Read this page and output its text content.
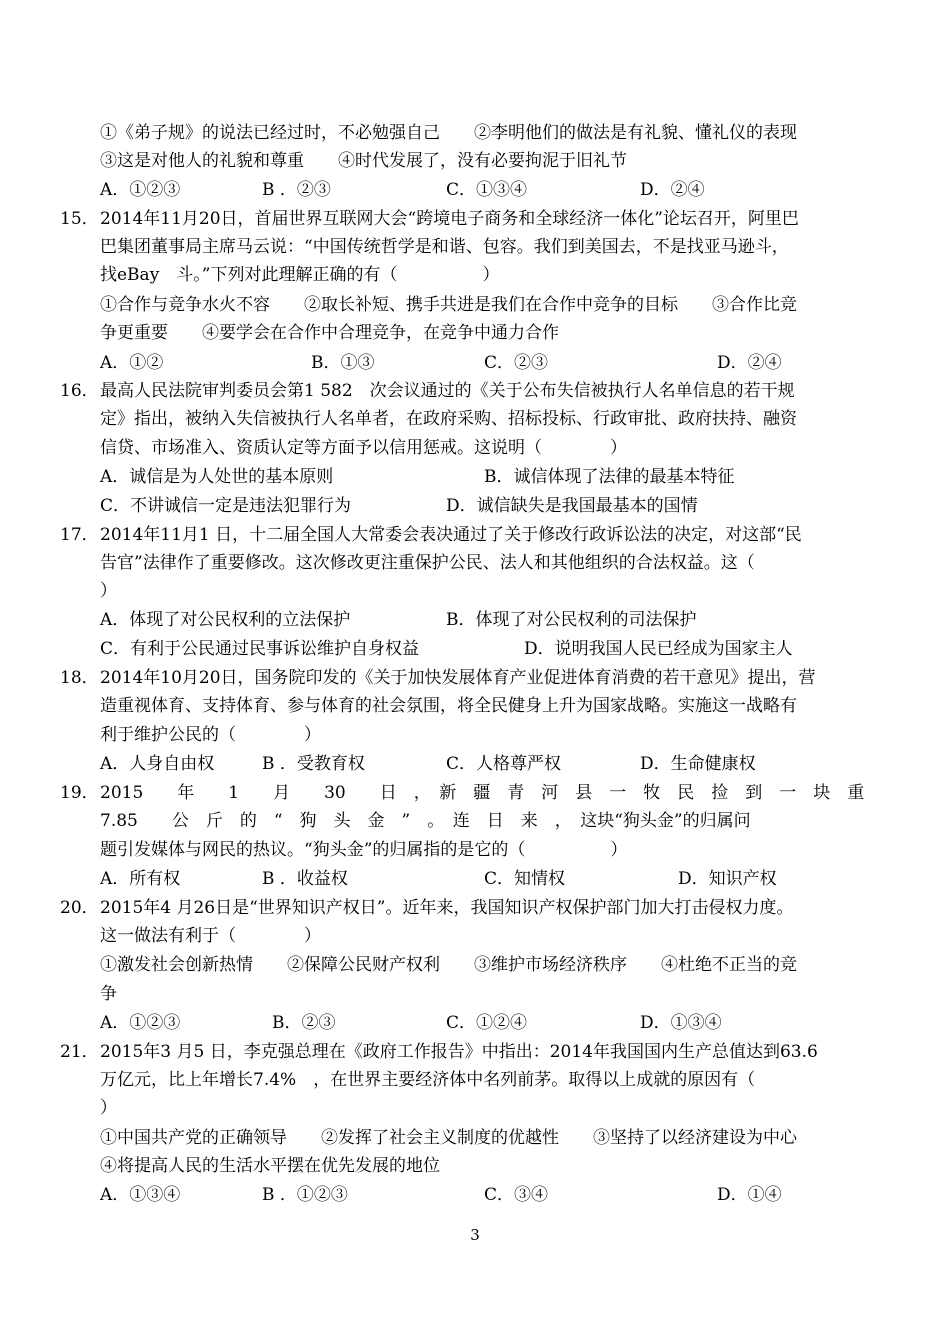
①《弟子规》的说法已经过时，不必勉强自己　　②李明他们的做法是有礼貌、懂礼仪的表现
③这是对他人的礼貌和尊重　　④时代发展了，没有必要拘泥于旧礼节
A．①②③	B ．②③	C．①③④	D．②④
15． 2014年11月20日，首届世界互联网大会“跨境电子商务和全球经济一体化”论坛召开，阿里巴
巴集团董事局主席马云说：“中国传统哲学是和谐、包容。我们到美国去，不是找亚马逊斗，
找eBay　斗。”下列对此理解正确的有（　　　　　）
①合作与竞争水火不容　　②取长补短、携手共进是我们在合作中竞争的目标　　③合作比竞
争更重要　　④要学会在合作中合理竞争，在竞争中通力合作
A．①②	B．①③	C．②③	D．②④
16． 最高人民法院审判委员会第1 582　次会议通过的《关于公布失信被执行人名单信息的若干规
定》指出，被纳入失信被执行人名单者，在政府采购、招标投标、行政审批、政府扶持、融资
信贷、市场准入、资质认定等方面予以信用惩戒。这说明（　　　　）
A．诚信是为人处世的基本原则	B．诚信体现了法律的最基本特征
C．不讲诚信一定是违法犯罪行为	D．诚信缺失是我国最基本的国情
17． 2014年11月1 日，十二届全国人大常委会表决通过了关于修改行政诉讼法的决定，对这部“民
告官”法律作了重要修改。这次修改更注重保护公民、法人和其他组织的合法权益。这（
）
A．体现了对公民权利的立法保护	B．体现了对公民权利的司法保护
C．有利于公民通过民事诉讼维护自身权益	D．说明我国人民已经成为国家主人
18． 2014年10月20日，国务院印发的《关于加快发展体育产业促进体育消费的若干意见》提出，营
造重视体育、支持体育、参与体育的社会氛围，将全民健身上升为国家战略。实施这一战略有
利于维护公民的（　　　　）
A．人身自由权	B ．受教育权	C．人格尊严权	D．生命健康权
19． 2015　　年　　1　　月　　30　　日　，　新　疆　青　河　县　一　牧　民　捡　到　一　块　重
7.85　　公　斤　的　“　狗　头　金　”　。　连　日　来　，　这块“狗头金”的归属问
题引发媒体与网民的热议。“狗头金”的归属指的是它的（　　　　　）
A．所有权	B ．收益权	C．知情权	D．知识产权
20． 2015年4 月26日是“世界知识产权日”。近年来，我国知识产权保护部门加大打击侵权力度。
这一做法有利于（　　　　）
①激发社会创新热情　　②保障公民财产权利　　③维护市场经济秩序　　④杜绝不正当的竞
争
A．①②③	B．②③	C．①②④	D．①③④
21． 2015年3 月5 日，李克强总理在《政府工作报告》中指出：2014年我国国内生产总值达到63.6
万亿元，比上年增长7.4%　，在世界主要经济体中名列前茅。取得以上成就的原因有（
）
①中国共产党的正确领导　　②发挥了社会主义制度的优越性　　③坚持了以经济建设为中心
④将提高人民的生活水平摆在优先发展的地位
A．①③④	B ．①②③	C．③④	D．①④
3
